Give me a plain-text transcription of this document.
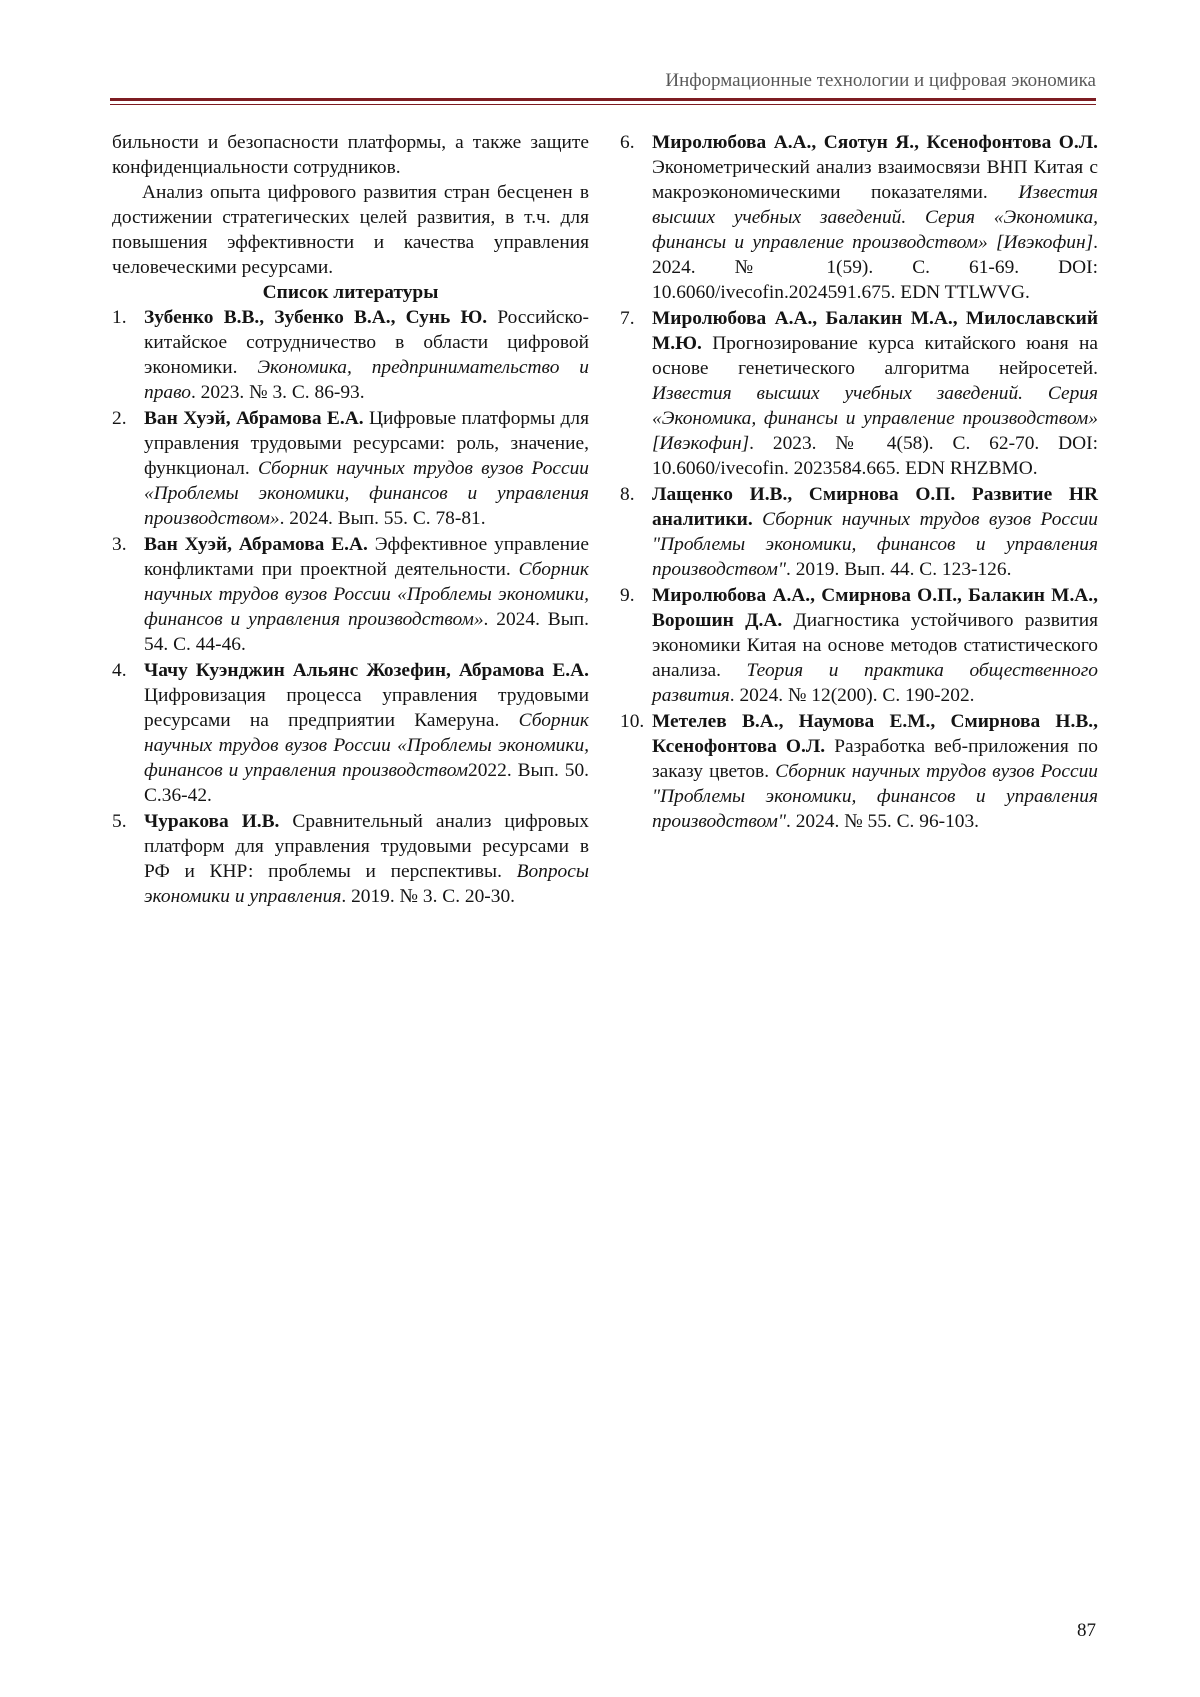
Информационные технологии и цифровая экономика

бильности и безопасности платформы, а также защите конфиденциальности сотрудников.

Анализ опыта цифрового развития стран бесценен в достижении стратегических целей развития, в т.ч. для повышения эффективности и качества управления человеческими ресурсами.

Список литературы

1. Зубенко В.В., Зубенко В.А., Сунь Ю. Российско-китайское сотрудничество в области цифровой экономики. Экономика, предпринимательство и право. 2023. № 3. С. 86-93.
2. Ван Хуэй, Абрамова Е.А. Цифровые платформы для управления трудовыми ресурсами: роль, значение, функционал. Сборник научных трудов вузов России «Проблемы экономики, финансов и управления производством». 2024. Вып. 55. С. 78-81.
3. Ван Хуэй, Абрамова Е.А. Эффективное управление конфликтами при проектной деятельности. Сборник научных трудов вузов России «Проблемы экономики, финансов и управления производством». 2024. Вып. 54. С. 44-46.
4. Чачу Куэнджин Альянс Жозефин, Абрамова Е.А. Цифровизация процесса управления трудовыми ресурсами на предприятии Камеруна. Сборник научных трудов вузов России «Проблемы экономики, финансов и управления производством2022. Вып. 50. С.36-42.
5. Чуракова И.В. Сравнительный анализ цифровых платформ для управления трудовыми ресурсами в РФ и КНР: проблемы и перспективы. Вопросы экономики и управления. 2019. № 3. С. 20-30.
6. Миролюбова А.А., Сяотун Я., Ксенофонтова О.Л. Эконометрический анализ взаимосвязи ВНП Китая с макроэкономическими показателями. Известия высших учебных заведений. Серия «Экономика, финансы и управление производством» [Ивэкофин]. 2024. № 1(59). С. 61-69. DOI: 10.6060/ivecofin.2024591.675. EDN TTLWVG.
7. Миролюбова А.А., Балакин М.А., Милославский М.Ю. Прогнозирование курса китайского юаня на основе генетического алгоритма нейросетей. Известия высших учебных заведений. Серия «Экономика, финансы и управление производством» [Ивэкофин]. 2023. № 4(58). С. 62-70. DOI: 10.6060/ivecofin. 2023584.665. EDN RHZBMO.
8. Лащенко И.В., Смирнова О.П. Развитие HR аналитики. Сборник научных трудов вузов России "Проблемы экономики, финансов и управления производством". 2019. Вып. 44. С. 123-126.
9. Миролюбова А.А., Смирнова О.П., Балакин М.А., Ворошин Д.А. Диагностика устойчивого развития экономики Китая на основе методов статистического анализа. Теория и практика общественного развития. 2024. № 12(200). С. 190-202.
10. Метелев В.А., Наумова Е.М., Смирнова Н.В., Ксенофонтова О.Л. Разработка веб-приложения по заказу цветов. Сборник научных трудов вузов России "Проблемы экономики, финансов и управления производством". 2024. № 55. С. 96-103.
87
